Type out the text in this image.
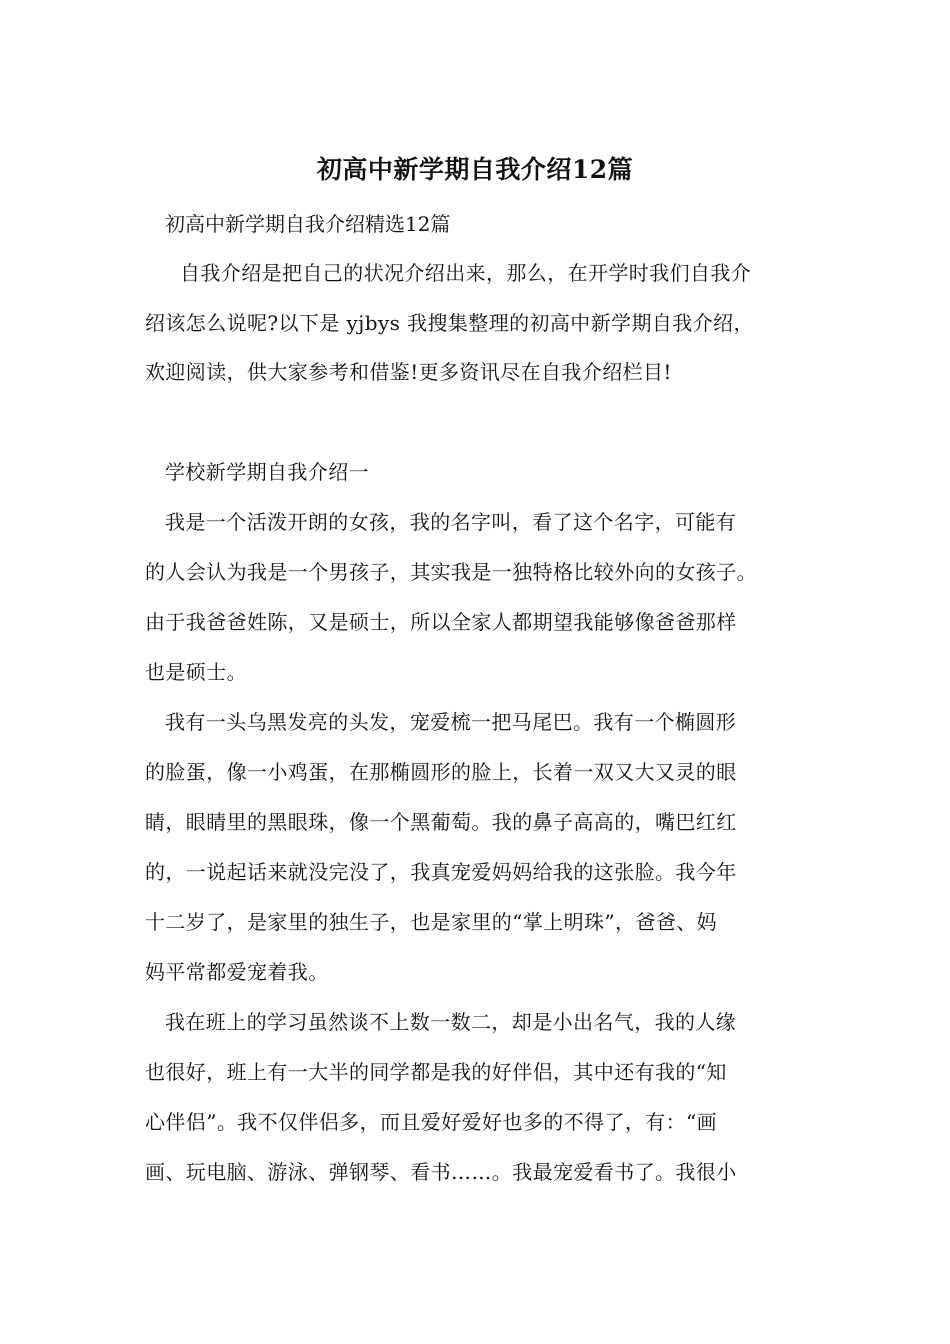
初高中新学期自我介绍12篇
初高中新学期自我介绍精选12篇
自我介绍是把自己的状况介绍出来，那么，在开学时我们自我介
绍该怎么说呢?以下是 yjbys 我搜集整理的初高中新学期自我介绍，
欢迎阅读，供大家参考和借鉴!更多资讯尽在自我介绍栏目!
学校新学期自我介绍一
我是一个活泼开朗的女孩，我的名字叫，看了这个名字，可能有
的人会认为我是一个男孩子，其实我是一独特格比较外向的女孩子。
由于我爸爸姓陈，又是硕士，所以全家人都期望我能够像爸爸那样
也是硕士。
我有一头乌黑发亮的头发，宠爱梳一把马尾巴。我有一个椭圆形
的脸蛋，像一小鸡蛋，在那椭圆形的脸上，长着一双又大又灵的眼
睛，眼睛里的黑眼珠，像一个黑葡萄。我的鼻子高高的，嘴巴红红
的，一说起话来就没完没了，我真宠爱妈妈给我的这张脸。我今年
十二岁了，是家里的独生子，也是家里的“掌上明珠”，爸爸、妈
妈平常都爱宠着我。
我在班上的学习虽然谈不上数一数二，却是小出名气，我的人缘
也很好，班上有一大半的同学都是我的好伴侣，其中还有我的“知
心伴侣”。我不仅伴侣多，而且爱好爱好也多的不得了，有：“画
画、玩电脑、游泳、弹钢琴、看书……。我最宠爱看书了。我很小
